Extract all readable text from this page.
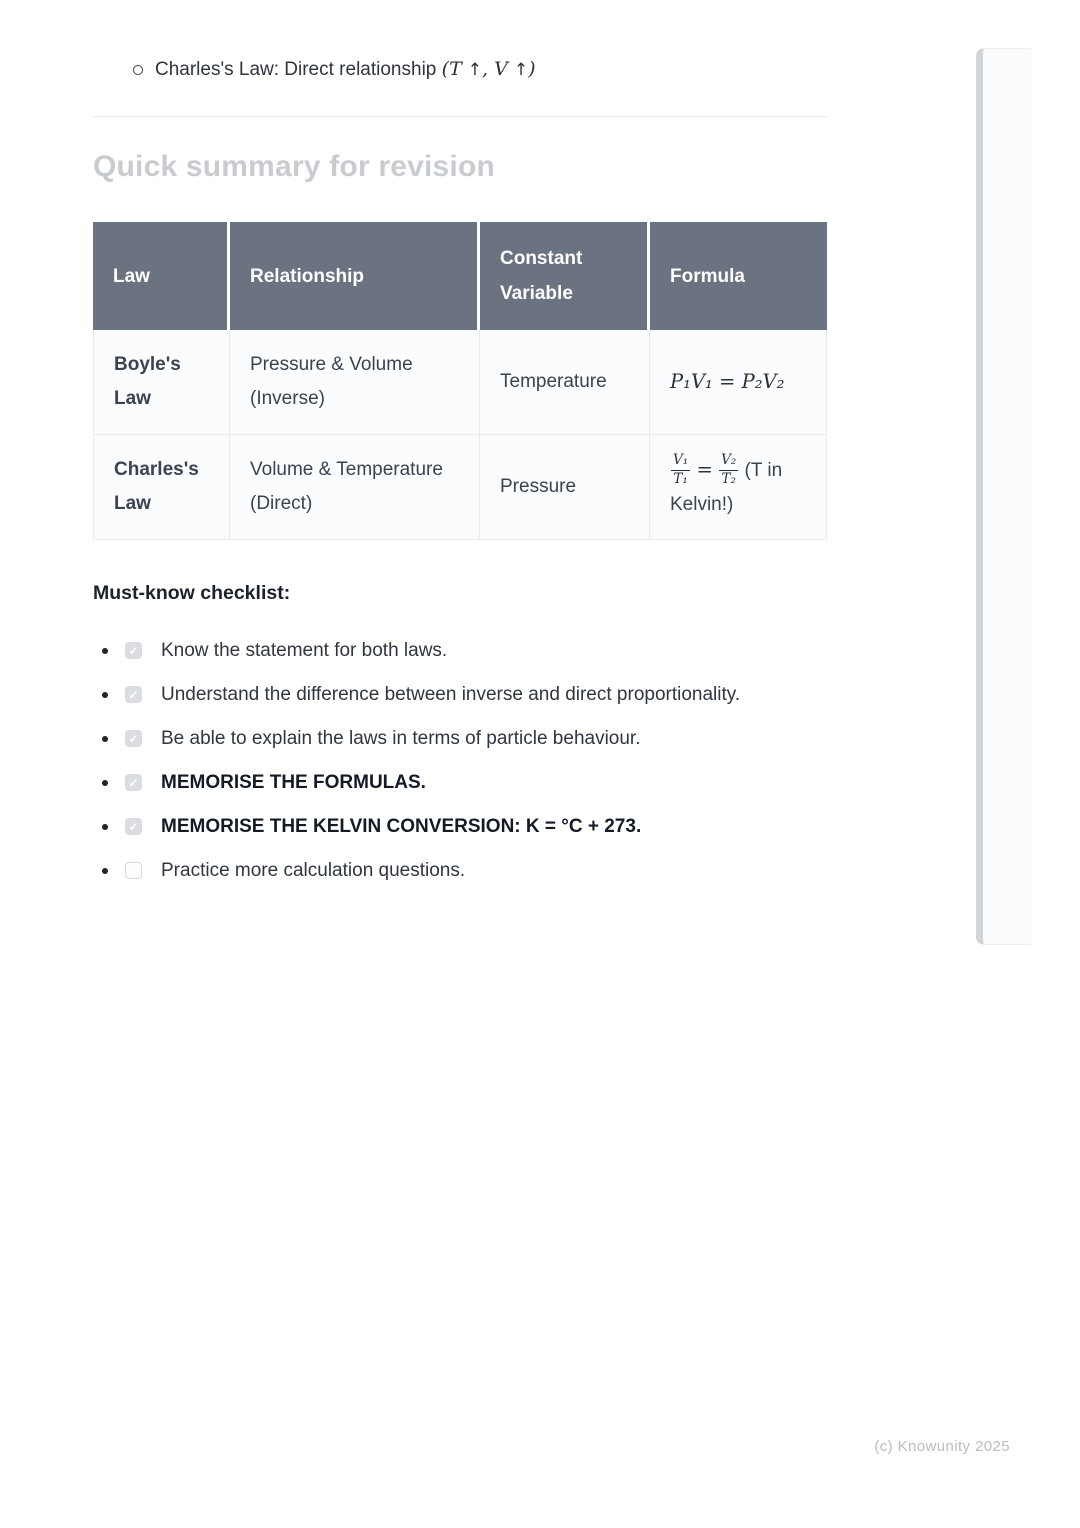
Charles's Law: Direct relationship (T ↑, V ↑)
Quick summary for revision
Law	Relationship	Constant Variable	Formula
Boyle's Law	Pressure & Volume (Inverse)	Temperature	P₁V₁ = P₂V₂
Charles's Law	Volume & Temperature (Direct)	Pressure	$\frac{\text{V₁}}{\text{T₁}} = \frac{\text{V₂}}{\text{T₂}} (T$ in Kelvin!)
Must-know checklist:
✓ Know the statement for both laws.
✓ Understand the difference between inverse and direct proportionality.
✓ Be able to explain the laws in terms of particle behaviour.
✓ MEMORISE THE FORMULAS.
✓ MEMORISE THE KELVIN CONVERSION: K = °C + 273.
Practice more calculation questions.
(c) Knowunity 2025
